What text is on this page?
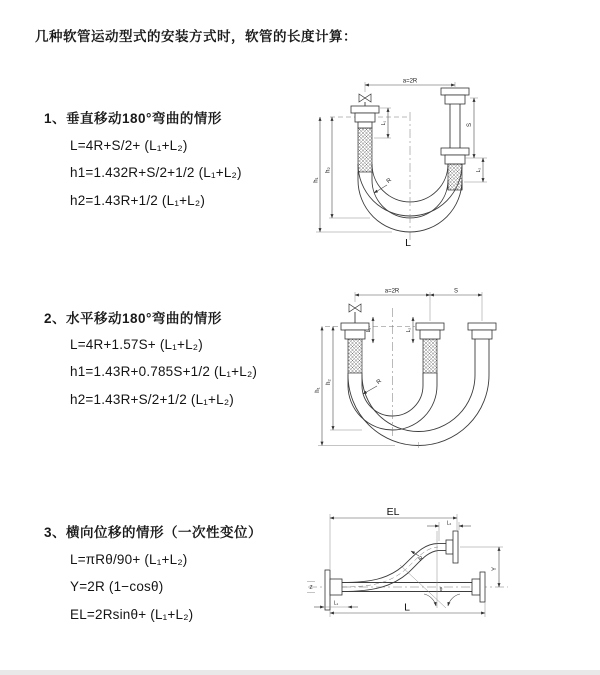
几种软管运动型式的安装方式时，软管的长度计算：
1、垂直移动180°弯曲的情形
L=4R+S/2+ (L₁+L₂)
h1=1.432R+S/2+1/2 (L₁+L₂)
h2=1.43R+1/2 (L₁+L₂)
2、水平移动180°弯曲的情形
L=4R+1.57S+ (L₁+L₂)
h1=1.43R+0.785S+1/2 (L₁+L₂)
h2=1.43R+S/2+1/2 (L₁+L₂)
3、横向位移的情形（一次性变位）
L=πRθ/90+ (L₁+L₂)
Y=2R (1−cosθ)
EL=2Rsinθ+ (L₁+L₂)
a=2R
h₁
h₂
L₁	S
L₂
R
L
a=2R	S
h₁
h₂
L₁	L₂
R
θ
EL
L₂
Y
L
L₁
R
Z
